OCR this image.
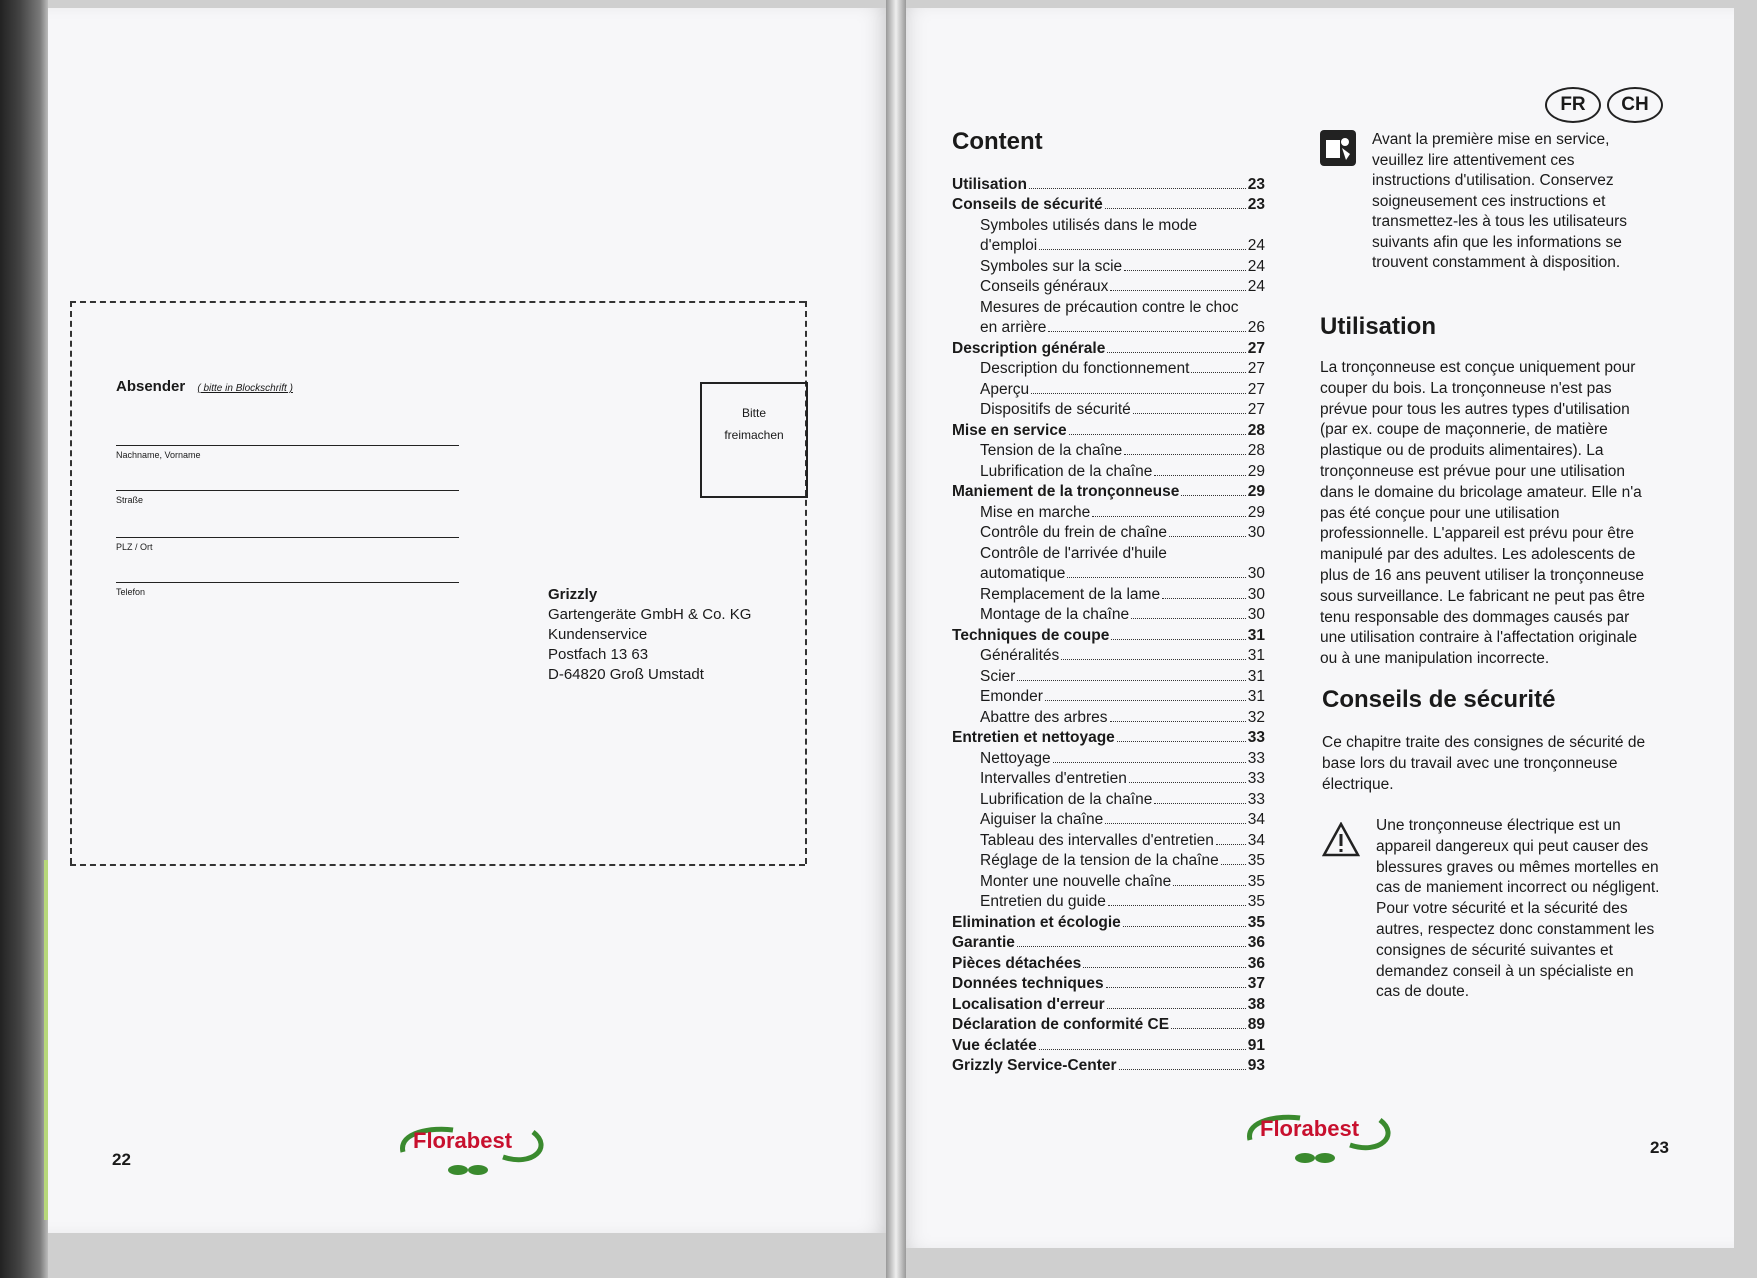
Absender ( bitte in Blockschrift )
Nachname, Vorname
Straße
PLZ / Ort
Telefon
Bitte
freimachen
Grizzly
Gartengeräte GmbH & Co. KG
Kundenservice
Postfach 13 63
D-64820 Groß Umstadt
22
Florabest
FR	CH
Content
Utilisation	23
Conseils de sécurité	23
Symboles utilisés dans le mode
d'emploi	24
Symboles sur la scie	24
Conseils généraux	24
Mesures de précaution contre le choc
en arrière	26
Description générale	27
Description du fonctionnement	27
Aperçu	27
Dispositifs de sécurité	27
Mise en service	28
Tension de la chaîne	28
Lubrification de la chaîne	29
Maniement de la tronçonneuse	29
Mise en marche	29
Contrôle du frein de chaîne	30
Contrôle de l'arrivée d'huile
automatique	30
Remplacement de la lame	30
Montage de la chaîne	30
Techniques de coupe	31
Généralités	31
Scier	31
Emonder	31
Abattre des arbres	32
Entretien et nettoyage	33
Nettoyage	33
Intervalles d'entretien	33
Lubrification de la chaîne	33
Aiguiser la chaîne	34
Tableau des intervalles d'entretien 34
Réglage de la tension de la chaîne 35
Monter une nouvelle chaîne	35
Entretien du guide	35
Elimination et écologie	35
Garantie	36
Pièces détachées	36
Données techniques	37
Localisation d'erreur	38
Déclaration de conformité CE	89
Vue éclatée	91
Grizzly Service-Center	93
Avant la première mise en service, veuillez lire attentivement ces instructions d'utilisation. Conservez soigneusement ces instructions et transmettez-les à tous les utilisateurs suivants afin que les informations se trouvent constamment à disposition.
Utilisation
La tronçonneuse est conçue uniquement pour couper du bois. La tronçonneuse n'est pas prévue pour tous les autres types d'utilisation (par ex. coupe de maçonnerie, de matière plastique ou de produits alimentaires). La tronçonneuse est prévue pour une utilisation dans le domaine du bricolage amateur. Elle n'a pas été conçue pour une utilisation professionnelle. L'appareil est prévu pour être manipulé par des adultes. Les adolescents de plus de 16 ans peuvent utiliser la tronçonneuse sous surveillance. Le fabricant ne peut pas être tenu responsable des dommages causés par une utilisation contraire à l'affectation originale ou à une manipulation incorrecte.
Conseils de sécurité
Ce chapitre traite des consignes de sécurité de base lors du travail avec une tronçonneuse électrique.
Une tronçonneuse électrique est un appareil dangereux qui peut causer des blessures graves ou mêmes mortelles en cas de maniement incorrect ou négligent. Pour votre sécurité et la sécurité des autres, respectez donc constamment les consignes de sécurité suivantes et demandez conseil à un spécialiste en cas de doute.
Florabest
23
